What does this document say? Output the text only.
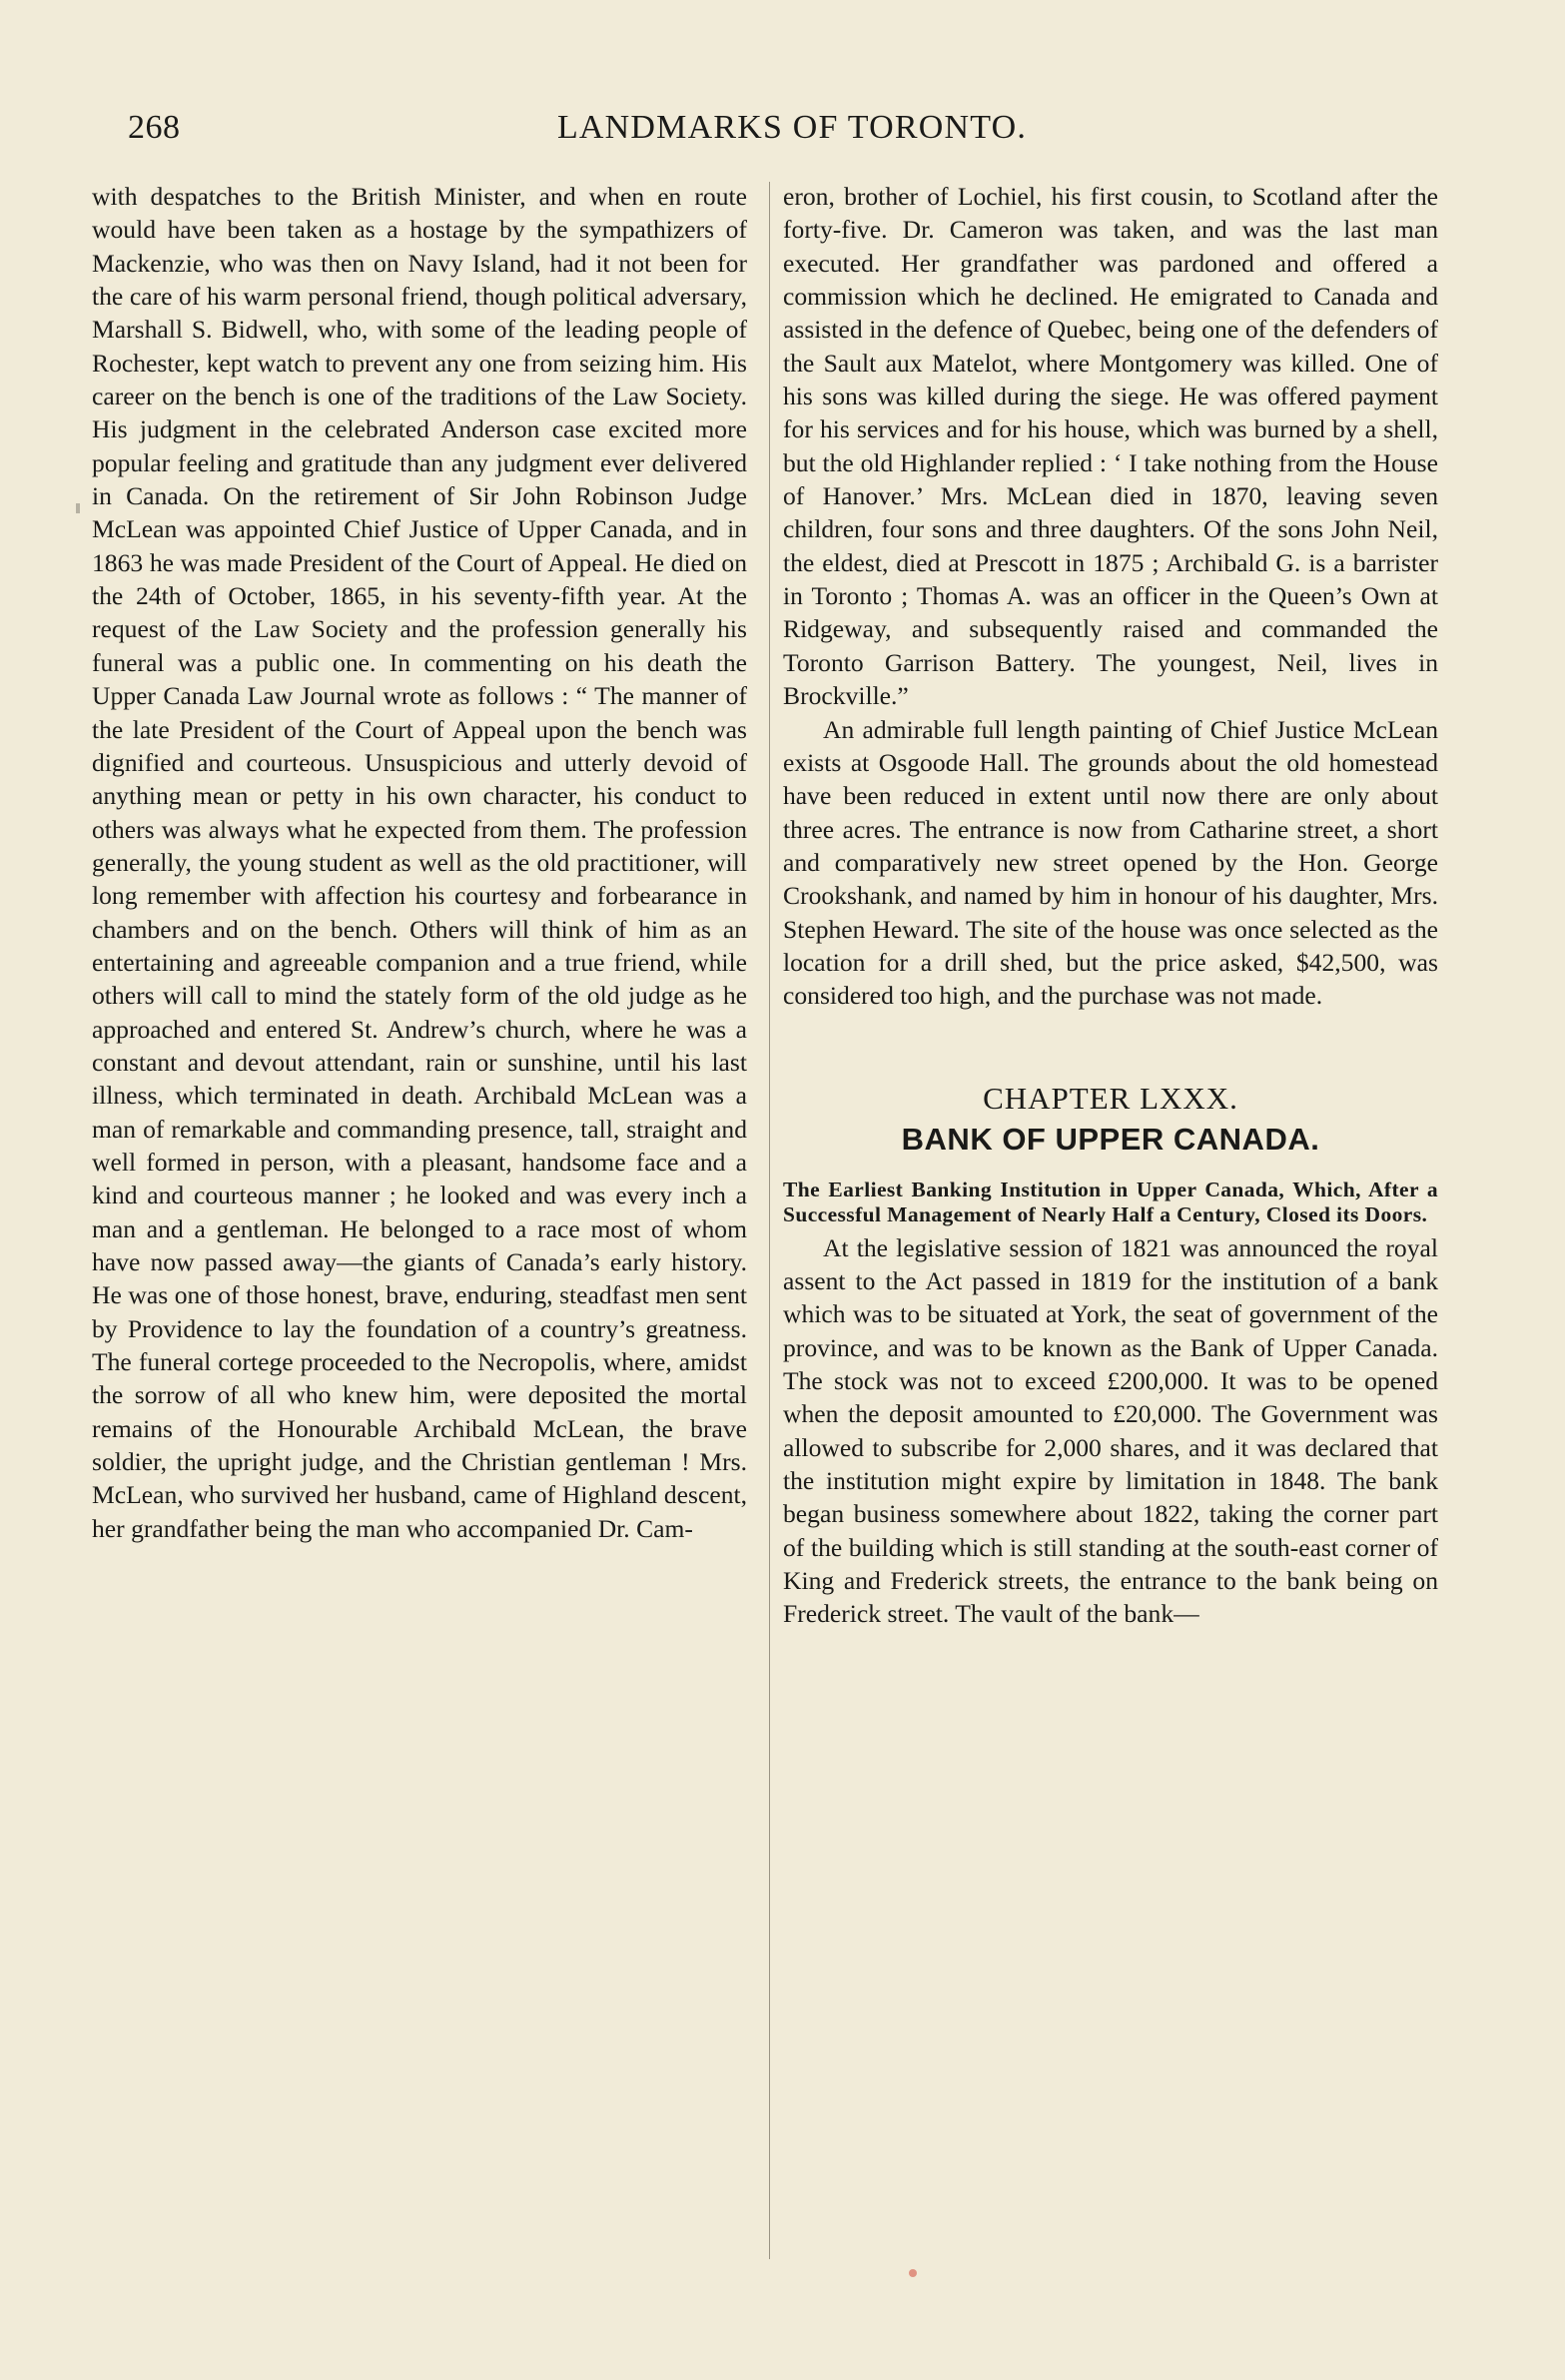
268	LANDMARKS OF TORONTO.

with despatches to the British Minister, and when en route would have been taken as a hostage by the sympathizers of Mackenzie, who was then on Navy Island, had it not been for the care of his warm personal friend, though political adversary, Marshall S. Bidwell, who, with some of the leading people of Rochester, kept watch to prevent any one from seizing him. His career on the bench is one of the traditions of the Law Society. His judgment in the celebrated Anderson case excited more popular feeling and gratitude than any judgment ever delivered in Canada. On the retirement of Sir John Robinson Judge McLean was appointed Chief Justice of Upper Canada, and in 1863 he was made President of the Court of Appeal. He died on the 24th of October, 1865, in his seventy-fifth year. At the request of the Law Society and the profession generally his funeral was a public one. In commenting on his death the Upper Canada Law Journal wrote as follows : “ The manner of the late President of the Court of Appeal upon the bench was dignified and courteous. Unsuspicious and utterly devoid of anything mean or petty in his own character, his conduct to others was always what he expected from them. The profession generally, the young student as well as the old practitioner, will long remember with affection his courtesy and forbearance in chambers and on the bench. Others will think of him as an entertaining and agreeable companion and a true friend, while others will call to mind the stately form of the old judge as he approached and entered St. Andrew’s church, where he was a constant and devout attendant, rain or sunshine, until his last illness, which terminated in death. Archibald McLean was a man of remarkable and commanding presence, tall, straight and well formed in person, with a pleasant, handsome face and a kind and courteous manner ; he looked and was every inch a man and a gentleman. He belonged to a race most of whom have now passed away—the giants of Canada’s early history. He was one of those honest, brave, enduring, steadfast men sent by Providence to lay the foundation of a country’s greatness. The funeral cortege proceeded to the Necropolis, where, amidst the sorrow of all who knew him, were deposited the mortal remains of the Honourable Archibald McLean, the brave soldier, the upright judge, and the Christian gentleman ! Mrs. McLean, who survived her husband, came of Highland descent, her grandfather being the man who accompanied Dr. Cam-

eron, brother of Lochiel, his first cousin, to Scotland after the forty-five. Dr. Cameron was taken, and was the last man executed. Her grandfather was pardoned and offered a commission which he declined. He emigrated to Canada and assisted in the defence of Quebec, being one of the defenders of the Sault aux Matelot, where Montgomery was killed. One of his sons was killed during the siege. He was offered payment for his services and for his house, which was burned by a shell, but the old Highlander replied : ‘ I take nothing from the House of Hanover.’ Mrs. McLean died in 1870, leaving seven children, four sons and three daughters. Of the sons John Neil, the eldest, died at Prescott in 1875 ; Archibald G. is a barrister in Toronto ; Thomas A. was an officer in the Queen’s Own at Ridgeway, and subsequently raised and commanded the Toronto Garrison Battery. The youngest, Neil, lives in Brockville.”

An admirable full length painting of Chief Justice McLean exists at Osgoode Hall. The grounds about the old homestead have been reduced in extent until now there are only about three acres. The entrance is now from Catharine street, a short and comparatively new street opened by the Hon. George Crookshank, and named by him in honour of his daughter, Mrs. Stephen Heward. The site of the house was once selected as the location for a drill shed, but the price asked, $42,500, was considered too high, and the purchase was not made.

CHAPTER LXXX.
BANK OF UPPER CANADA.

The Earliest Banking Institution in Upper Canada, Which, After a Successful Management of Nearly Half a Century, Closed its Doors.

At the legislative session of 1821 was announced the royal assent to the Act passed in 1819 for the institution of a bank which was to be situated at York, the seat of government of the province, and was to be known as the Bank of Upper Canada. The stock was not to exceed £200,000. It was to be opened when the deposit amounted to £20,000. The Government was allowed to subscribe for 2,000 shares, and it was declared that the institution might expire by limitation in 1848. The bank began business somewhere about 1822, taking the corner part of the building which is still standing at the south-east corner of King and Frederick streets, the entrance to the bank being on Frederick street. The vault of the bank—
